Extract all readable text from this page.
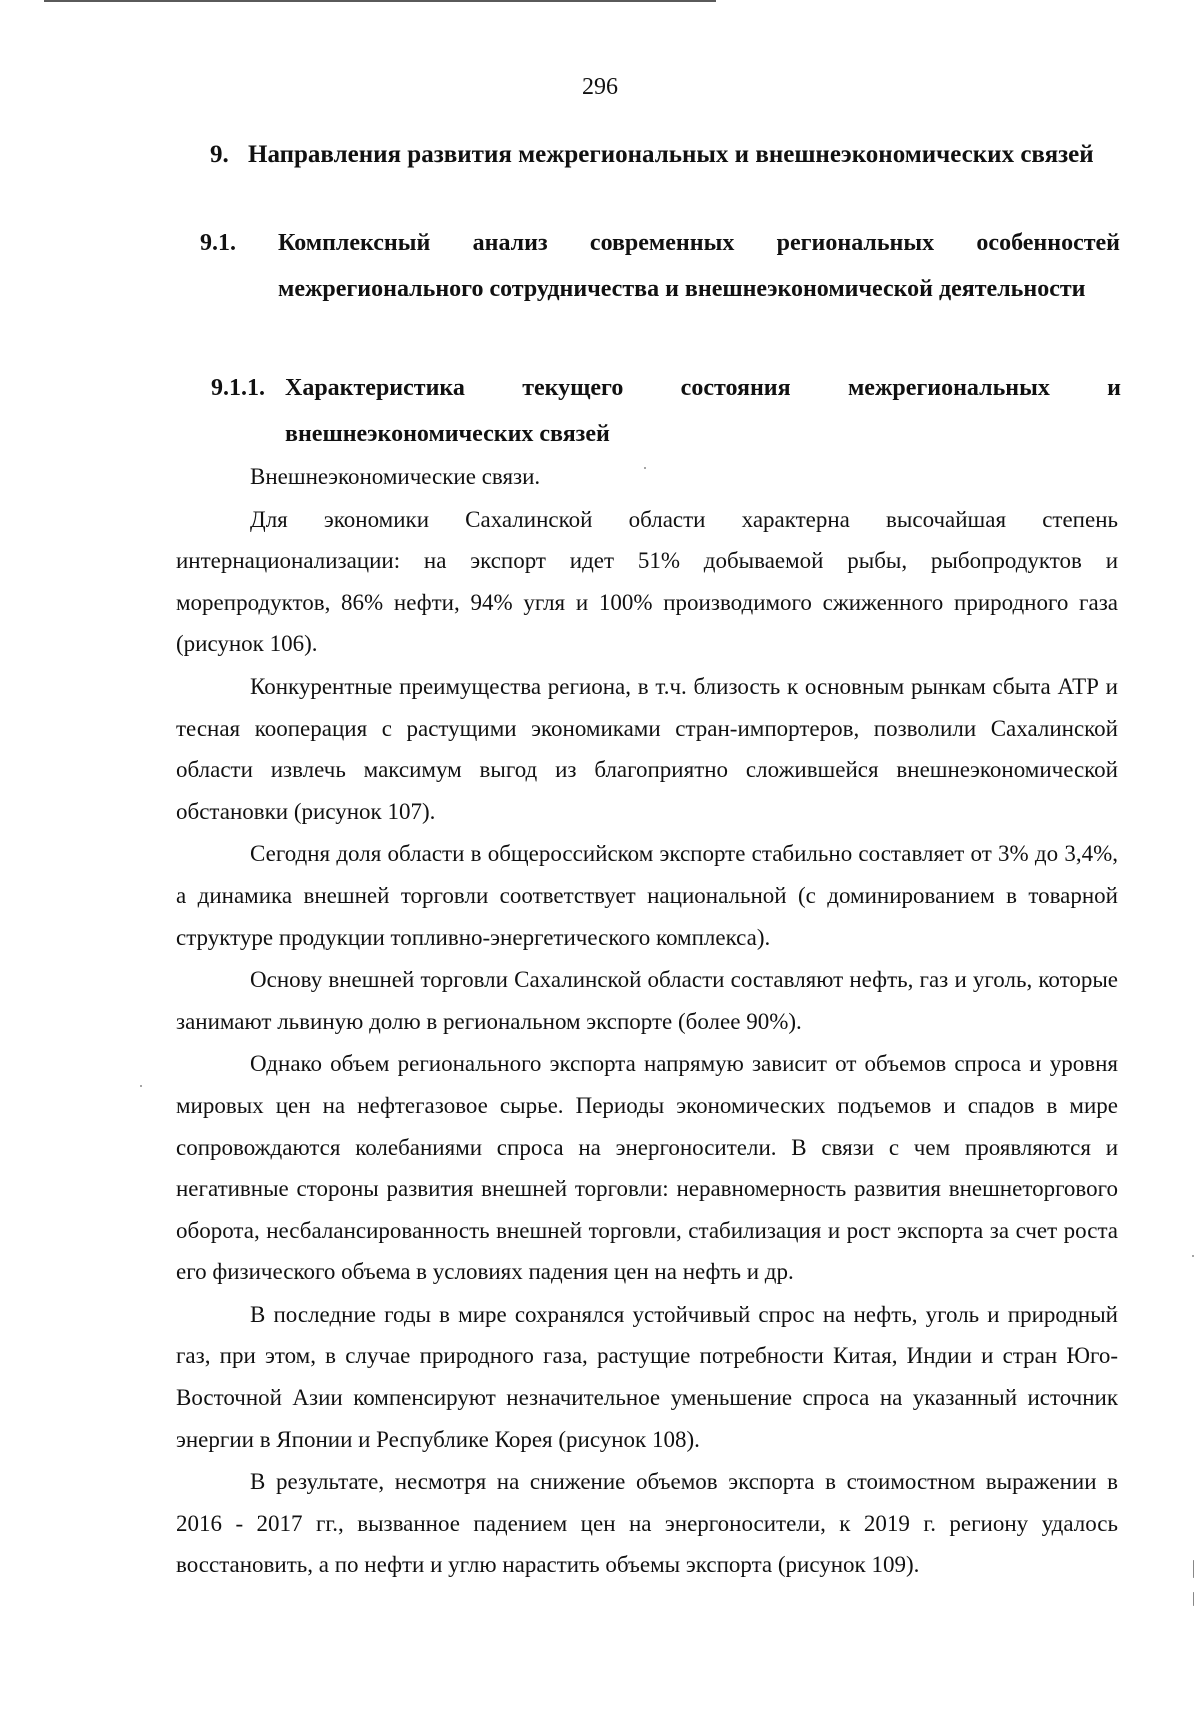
296
9. Направления развития межрегиональных и внешнеэкономических связей
9.1.	Комплексный анализ современных региональных особенностей межрегионального сотрудничества и внешнеэкономической деятельности
9.1.1. Характеристика текущего состояния межрегиональных и
внешнеэкономических связей

Внешнеэкономические связи.

Для экономики Сахалинской области характерна высочайшая степень интернационализации: на экспорт идет 51% добываемой рыбы, рыбопродуктов и морепродуктов, 86% нефти, 94% угля и 100% производимого сжиженного природного газа (рисунок 106).

Конкурентные преимущества региона, в т.ч. близость к основным рынкам сбыта АТР и тесная кооперация с растущими экономиками стран-импортеров, позволили Сахалинской области извлечь максимум выгод из благоприятно сложившейся внешнеэкономической обстановки (рисунок 107).

Сегодня доля области в общероссийском экспорте стабильно составляет от 3% до 3,4%, а динамика внешней торговли соответствует национальной (с доминированием в товарной структуре продукции топливно-энергетического комплекса).

Основу внешней торговли Сахалинской области составляют нефть, газ и уголь, которые занимают львиную долю в региональном экспорте (более 90%).

Однако объем регионального экспорта напрямую зависит от объемов спроса и уровня мировых цен на нефтегазовое сырье. Периоды экономических подъемов и спадов в мире сопровождаются колебаниями спроса на энергоносители. В связи с чем проявляются и негативные стороны развития внешней торговли: неравномерность развития внешнеторгового оборота, несбалансированность внешней торговли, стабилизация и рост экспорта за счет роста его физического объема в условиях падения цен на нефть и др.

В последние годы в мире сохранялся устойчивый спрос на нефть, уголь и природный газ, при этом, в случае природного газа, растущие потребности Китая, Индии и стран Юго-Восточной Азии компенсируют незначительное уменьшение спроса на указанный источник энергии в Японии и Республике Корея (рисунок 108).

В результате, несмотря на снижение объемов экспорта в стоимостном выражении в 2016 - 2017 гг., вызванное падением цен на энергоносители, к 2019 г. региону удалось восстановить, а по нефти и углю нарастить объемы экспорта (рисунок 109).
